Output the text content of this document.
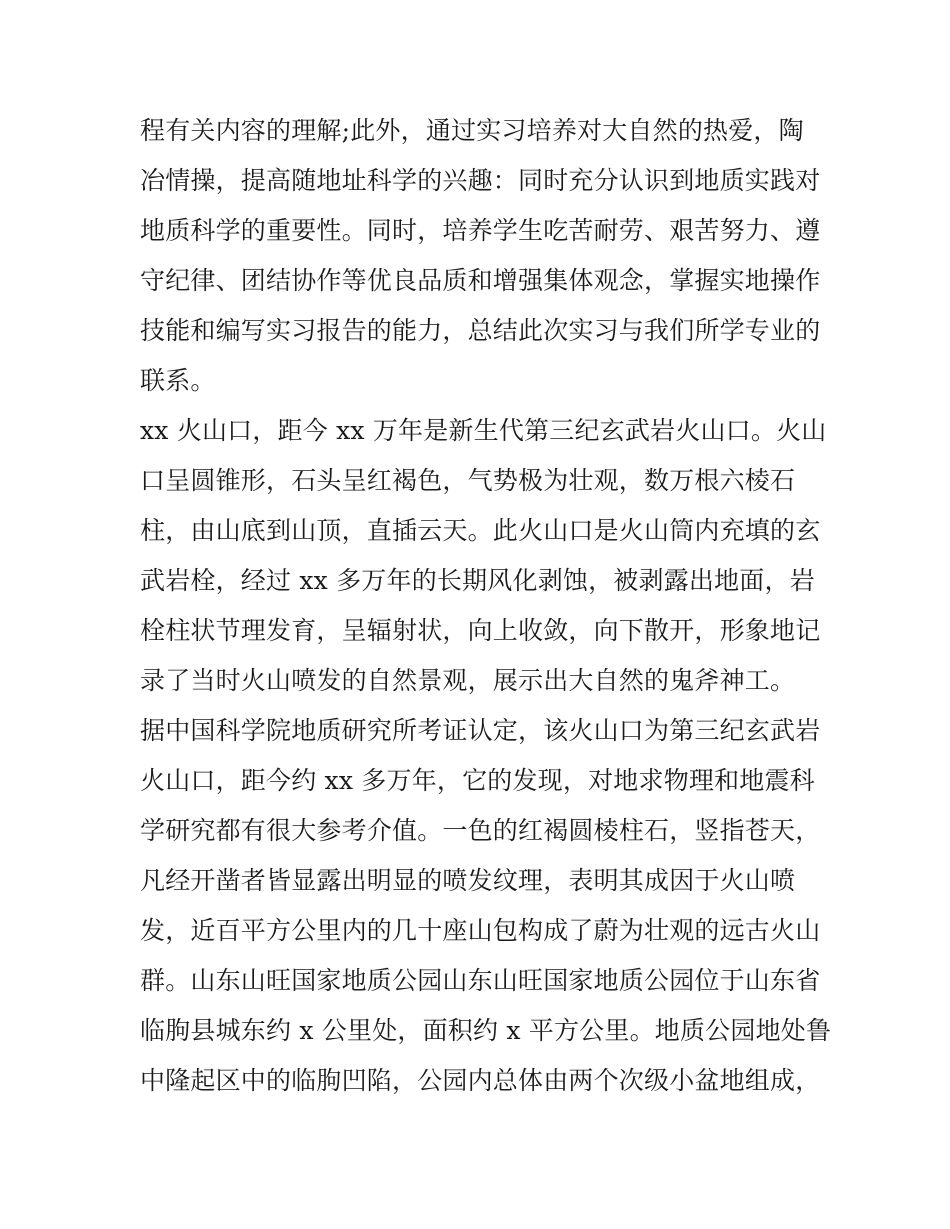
程有关内容的理解;此外，通过实习培养对大自然的热爱，陶
冶情操，提高随地址科学的兴趣：同时充分认识到地质实践对
地质科学的重要性。同时，培养学生吃苦耐劳、艰苦努力、遵
守纪律、团结协作等优良品质和增强集体观念，掌握实地操作
技能和编写实习报告的能力，总结此次实习与我们所学专业的
联系。
xx 火山口，距今 xx 万年是新生代第三纪玄武岩火山口。火山
口呈圆锥形，石头呈红褐色，气势极为壮观，数万根六棱石
柱，由山底到山顶，直插云天。此火山口是火山筒内充填的玄
武岩栓，经过 xx 多万年的长期风化剥蚀，被剥露出地面，岩
栓柱状节理发育，呈辐射状，向上收敛，向下散开，形象地记
录了当时火山喷发的自然景观，展示出大自然的鬼斧神工。
据中国科学院地质研究所考证认定，该火山口为第三纪玄武岩
火山口，距今约 xx 多万年，它的发现，对地求物理和地震科
学研究都有很大参考介值。一色的红褐圆棱柱石，竖指苍天，
凡经开凿者皆显露出明显的喷发纹理，表明其成因于火山喷
发，近百平方公里内的几十座山包构成了蔚为壮观的远古火山
群。山东山旺国家地质公园山东山旺国家地质公园位于山东省
临朐县城东约 x 公里处，面积约 x 平方公里。地质公园地处鲁
中隆起区中的临朐凹陷，公园内总体由两个次级小盆地组成，
